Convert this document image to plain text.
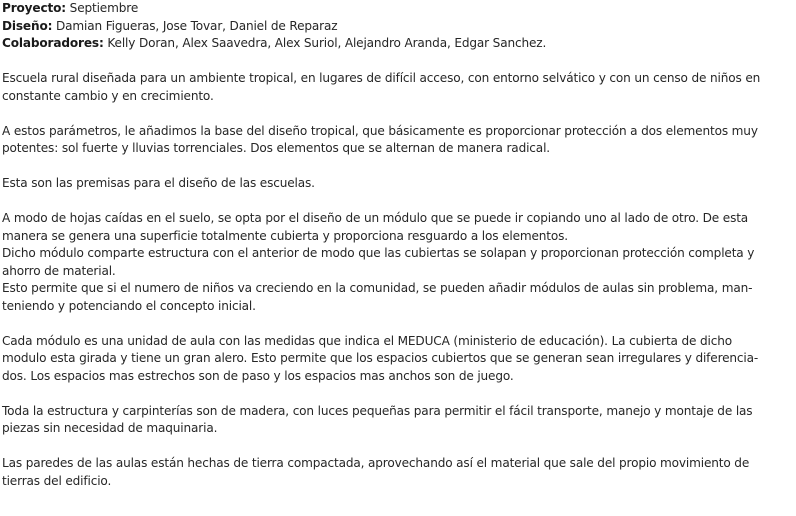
Proyecto: Septiembre

Diseño: Damian Figueras, Jose Tovar, Daniel de Reparaz

Colaboradores: Kelly Doran, Alex Saavedra, Alex Suriol, Alejandro Aranda, Edgar Sanchez.

Escuela rural diseñada para un ambiente tropical, en lugares de difícil acceso, con entorno selvático y con un censo de niños en
constante cambio y en crecimiento.

A estos parámetros, le añadimos la base del diseño tropical, que básicamente es proporcionar protección a dos elementos muy
potentes: sol fuerte y lluvias torrenciales. Dos elementos que se alternan de manera radical.

Esta son las premisas para el diseño de las escuelas.

A modo de hojas caídas en el suelo, se opta por el diseño de un módulo que se puede ir copiando uno al lado de otro. De esta
manera se genera una superficie totalmente cubierta y proporciona resguardo a los elementos.
Dicho módulo comparte estructura con el anterior de modo que las cubiertas se solapan y proporcionan protección completa y
ahorro de material.
Esto permite que si el numero de niños va creciendo en la comunidad, se pueden añadir módulos de aulas sin problema, man-
teniendo y potenciando el concepto inicial.

Cada módulo es una unidad de aula con las medidas que indica el MEDUCA (ministerio de educación). La cubierta de dicho
modulo esta girada y tiene un gran alero. Esto permite que los espacios cubiertos que se generan sean irregulares y diferencia-
dos. Los espacios mas estrechos son de paso y los espacios mas anchos son de juego.

Toda la estructura y carpinterías son de madera, con luces pequeñas para permitir el fácil transporte, manejo y montaje de las
piezas sin necesidad de maquinaria.

Las paredes de las aulas están hechas de tierra compactada, aprovechando así el material que sale del propio movimiento de
tierras del edificio.
